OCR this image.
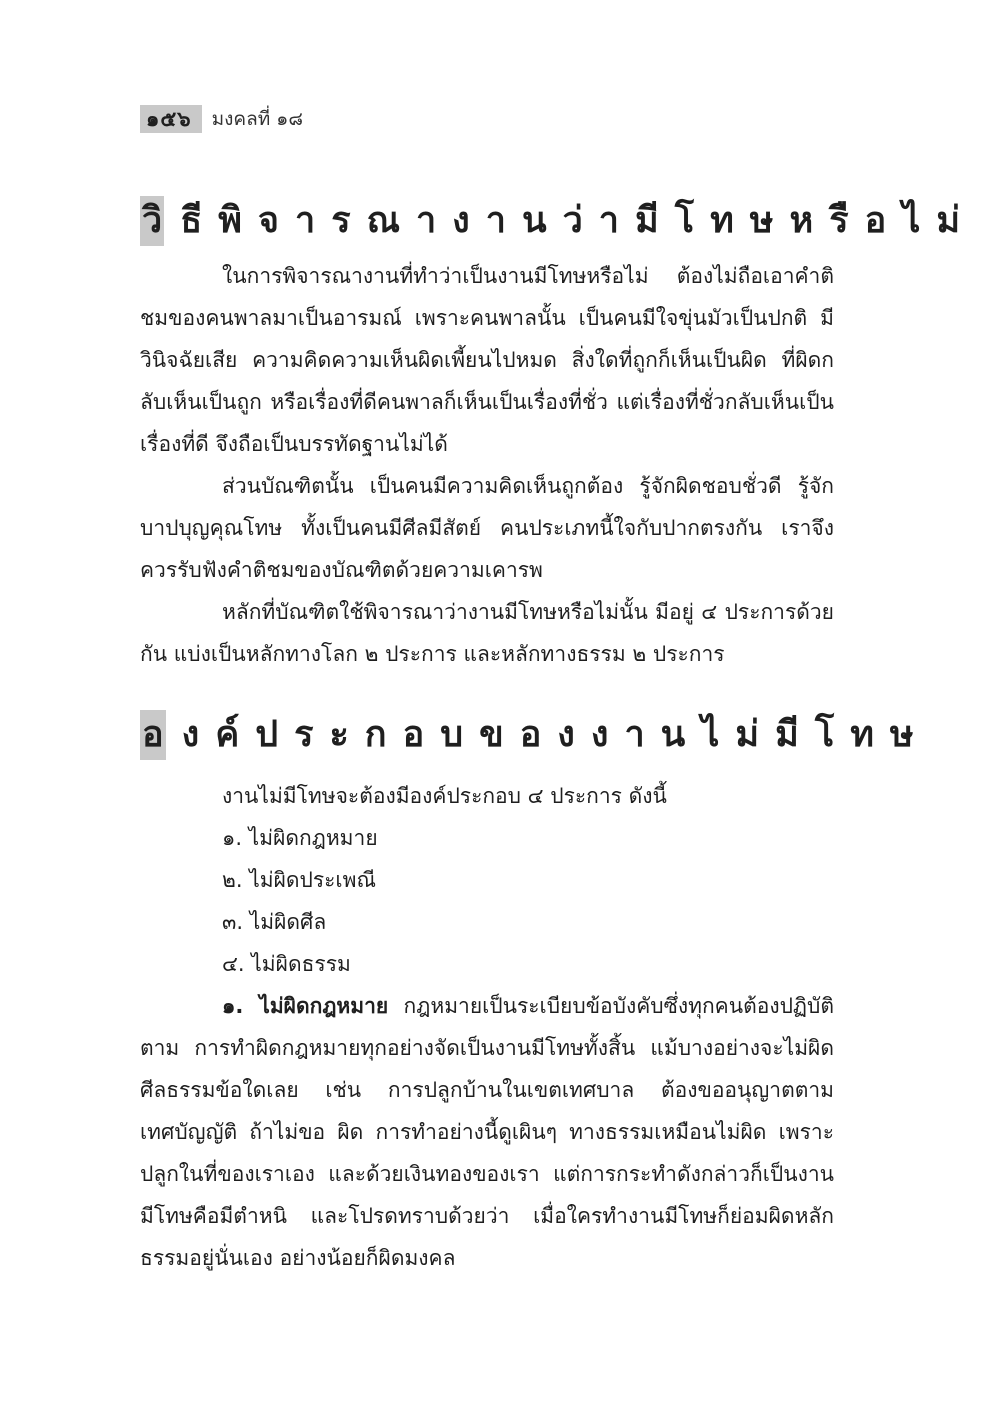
๑๕๖	มงคลที่ ๑๘
วิ ธีพิจารณางานว่ามีโทษหรือไม่

ในการพิจารณางานที่ทำว่าเป็นงานมีโทษหรือไม่ ต้องไม่ถือเอาคำติชมของคนพาลมาเป็นอารมณ์ เพราะคนพาลนั้น เป็นคนมีใจขุ่นมัวเป็นปกติ มีวินิจฉัยเสีย ความคิดความเห็นผิดเพี้ยนไปหมด สิ่งใดที่ถูกก็เห็นเป็นผิด ที่ผิดกลับเห็นเป็นถูก หรือเรื่องที่ดีคนพาลก็เห็นเป็นเรื่องที่ชั่ว แต่เรื่องที่ชั่วกลับเห็นเป็นเรื่องที่ดี จึงถือเป็นบรรทัดฐานไม่ได้

ส่วนบัณฑิตนั้น เป็นคนมีความคิดเห็นถูกต้อง รู้จักผิดชอบชั่วดี รู้จักบาปบุญคุณโทษ ทั้งเป็นคนมีศีลมีสัตย์ คนประเภทนี้ใจกับปากตรงกัน เราจึงควรรับฟังคำติชมของบัณฑิตด้วยความเคารพ

หลักที่บัณฑิตใช้พิจารณาว่างานมีโทษหรือไม่นั้น มีอยู่ ๔ ประการด้วยกัน แบ่งเป็นหลักทางโลก ๒ ประการ และหลักทางธรรม ๒ ประการ

อ งค์ประกอบของงานไม่มีโทษ

งานไม่มีโทษจะต้องมีองค์ประกอบ ๔ ประการ ดังนี้

๑. ไม่ผิดกฎหมาย

๒. ไม่ผิดประเพณี

๓. ไม่ผิดศีล

๔. ไม่ผิดธรรม

๑. ไม่ผิดกฎหมาย กฎหมายเป็นระเบียบข้อบังคับซึ่งทุกคนต้องปฏิบัติตาม การทำผิดกฎหมายทุกอย่างจัดเป็นงานมีโทษทั้งสิ้น แม้บางอย่างจะไม่ผิดศีลธรรมข้อใดเลย เช่น การปลูกบ้านในเขตเทศบาล ต้องขออนุญาตตามเทศบัญญัติ ถ้าไม่ขอ ผิด การทำอย่างนี้ดูเผินๆ ทางธรรมเหมือนไม่ผิด เพราะปลูกในที่ของเราเอง และด้วยเงินทองของเรา แต่การกระทำดังกล่าวก็เป็นงานมีโทษคือมีตำหนิ และโปรดทราบด้วยว่า เมื่อใครทำงานมีโทษก็ย่อมผิดหลักธรรมอยู่นั่นเอง อย่างน้อยก็ผิดมงคล
